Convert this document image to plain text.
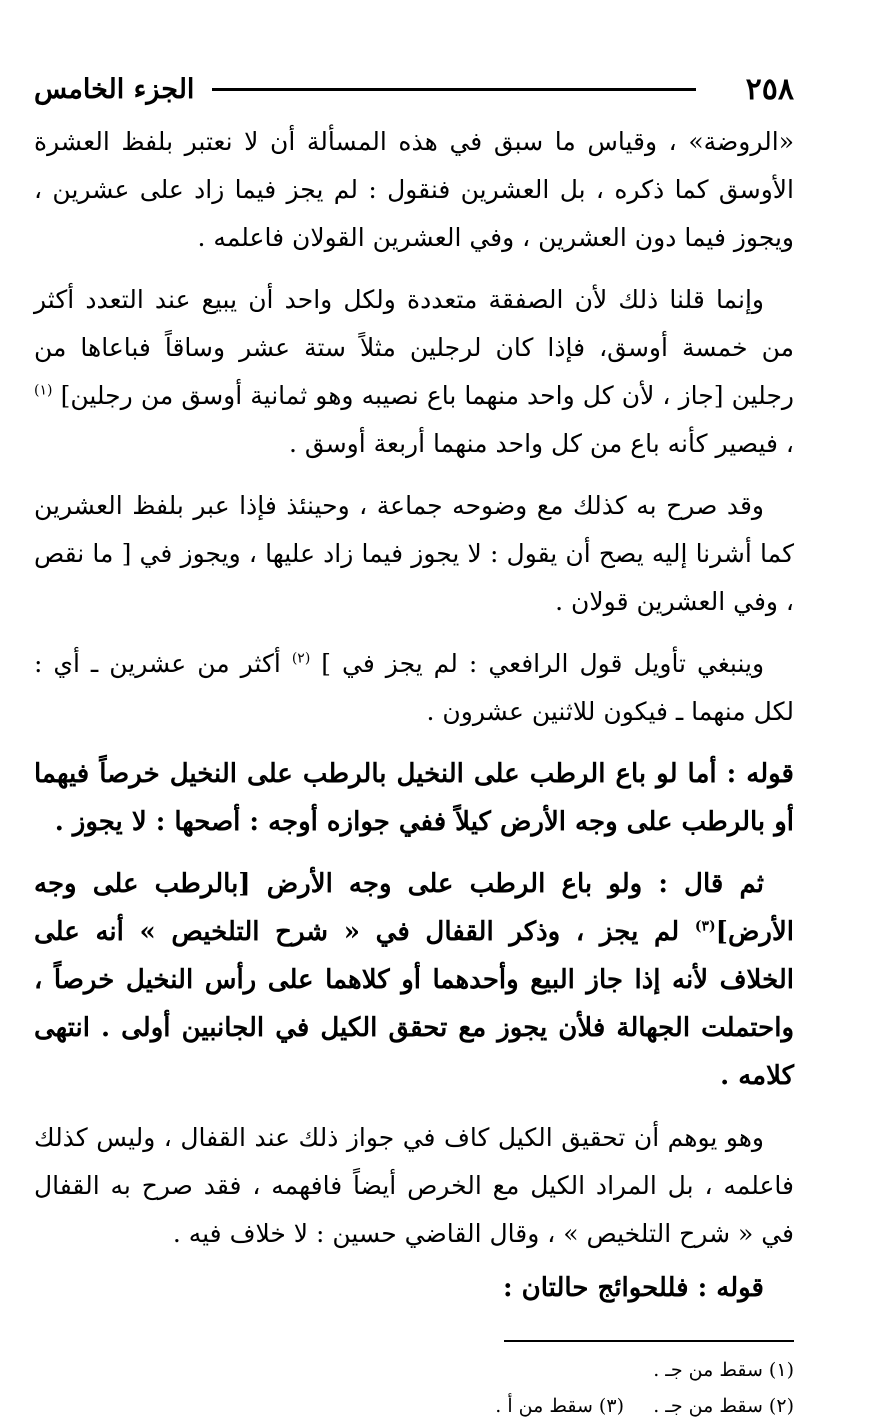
٢٥٨
الجزء الخامس

«الروضة» ، وقياس ما سبق في هذه المسألة أن لا نعتبر بلفظ العشرة الأوسق كما ذكره ، بل العشرين فنقول : لم يجز فيما زاد على عشرين ، ويجوز فيما دون العشرين ، وفي العشرين القولان فاعلمه .

وإنما قلنا ذلك لأن الصفقة متعددة ولكل واحد أن يبيع عند التعدد أكثر من خمسة أوسق، فإذا كان لرجلين مثلاً ستة عشر وساقاً فباعاها من رجلين [جاز ، لأن كل واحد منهما باع نصيبه وهو ثمانية أوسق من رجلين] $^{(١)}$ ، فيصير كأنه باع من كل واحد منهما أربعة أوسق .

وقد صرح به كذلك مع وضوحه جماعة ، وحينئذ فإذا عبر بلفظ العشرين كما أشرنا إليه يصح أن يقول : لا يجوز فيما زاد عليها ، ويجوز في [ ما نقص ، وفي العشرين قولان .

وينبغي تأويل قول الرافعي : لم يجز في ] $^{(٢)}$ أكثر من عشرين ـ أي : لكل منهما ـ فيكون للاثنين عشرون .

قوله : أما لو باع الرطب على النخيل بالرطب على النخيل خرصاً فيهما أو بالرطب على وجه الأرض كيلاً ففي جوازه أوجه : أصحها : لا يجوز .

ثم قال : ولو باع الرطب على وجه الأرض [بالرطب على وجه الأرض]$^{(٣)}$ لم يجز ، وذكر القفال في « شرح التلخيص » أنه على الخلاف لأنه إذا جاز البيع وأحدهما أو كلاهما على رأس النخيل خرصاً ، واحتملت الجهالة فلأن يجوز مع تحقق الكيل في الجانبين أولى . انتهى كلامه .

وهو يوهم أن تحقيق الكيل كاف في جواز ذلك عند القفال ، وليس كذلك فاعلمه ، بل المراد الكيل مع الخرص أيضاً فافهمه ، فقد صرح به القفال في « شرح التلخيص » ، وقال القاضي حسين : لا خلاف فيه .

قوله : فللحوائج حالتان :

(١) سقط من جـ .
(٢) سقط من جـ .
(٣) سقط من أ .
